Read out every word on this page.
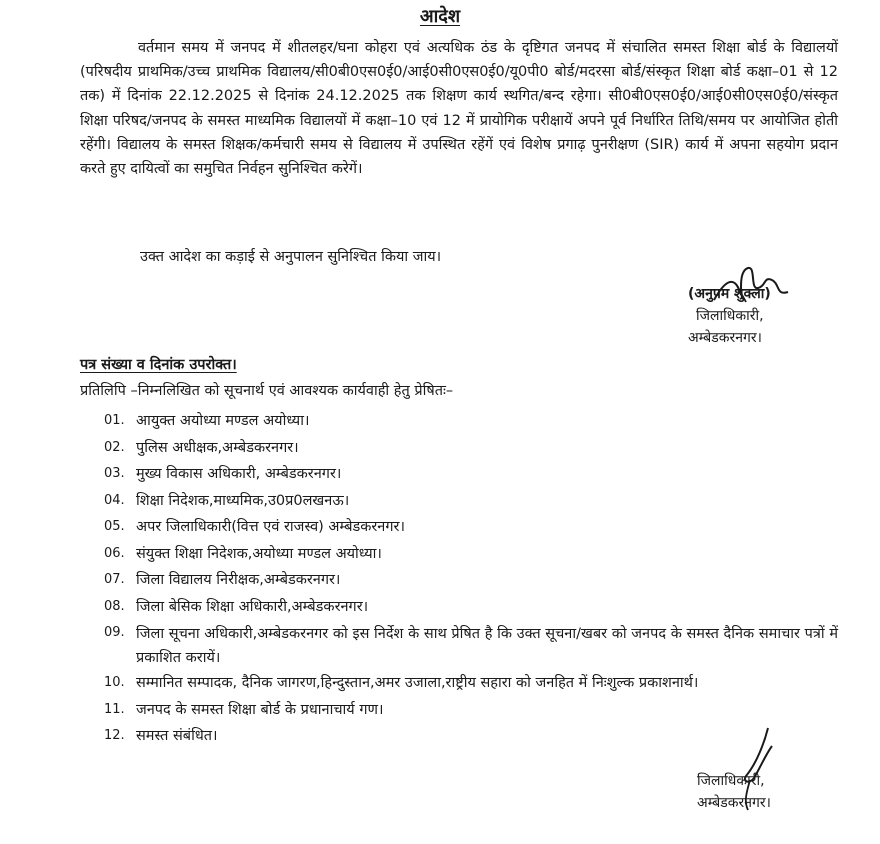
आदेश

वर्तमान समय में जनपद में शीतलहर/घना कोहरा एवं अत्यधिक ठंड के दृष्टिगत जनपद में संचालित समस्त शिक्षा बोर्ड के विद्यालयों (परिषदीय प्राथमिक/उच्च प्राथमिक विद्यालय/सी0बी0एस0ई0/आई0सी0एस0ई0/यू0पी0 बोर्ड/मदरसा बोर्ड/संस्कृत शिक्षा बोर्ड कक्षा–01 से 12 तक) में दिनांक 22.12.2025 से दिनांक 24.12.2025 तक शिक्षण कार्य स्थगित/बन्द रहेगा। सी0बी0एस0ई0/आई0सी0एस0ई0/संस्कृत शिक्षा परिषद/जनपद के समस्त माध्यमिक विद्यालयों में कक्षा–10 एवं 12 में प्रायोगिक परीक्षायें अपने पूर्व निर्धारित तिथि/समय पर आयोजित होती रहेंगी। विद्यालय के समस्त शिक्षक/कर्मचारी समय से विद्यालय में उपस्थित रहेंगें एवं विशेष प्रगाढ़ पुनरीक्षण (SIR) कार्य में अपना सहयोग प्रदान करते हुए दायित्वों का समुचित निर्वहन सुनिश्चित करेगें।

उक्त आदेश का कड़ाई से अनुपालन सुनिश्चित किया जाय।

(अनुपम शुक्ला)
जिलाधिकारी,
अम्बेडकरनगर।
पत्र संख्या व दिनांक उपरोक्त।
प्रतिलिपि –निम्नलिखित को सूचनार्थ एवं आवश्यक कार्यवाही हेतु प्रेषितः–
01. आयुक्त अयोध्या मण्डल अयोध्या।
02. पुलिस अधीक्षक,अम्बेडकरनगर।
03. मुख्य विकास अधिकारी, अम्बेडकरनगर।
04. शिक्षा निदेशक,माध्यमिक,उ0प्र0लखनऊ।
05. अपर जिलाधिकारी(वित्त एवं राजस्व) अम्बेडकरनगर।
06. संयुक्त शिक्षा निदेशक,अयोध्या मण्डल अयोध्या।
07. जिला विद्यालय निरीक्षक,अम्बेडकरनगर।
08. जिला बेसिक शिक्षा अधिकारी,अम्बेडकरनगर।
09. जिला सूचना अधिकारी,अम्बेडकरनगर को इस निर्देश के साथ प्रेषित है कि उक्त सूचना/खबर को जनपद के समस्त दैनिक समाचार पत्रों में प्रकाशित करायें।
10. सम्मानित सम्पादक, दैनिक जागरण,हिन्दुस्तान,अमर उजाला,राष्ट्रीय सहारा को जनहित में निःशुल्क प्रकाशनार्थ।
11. जनपद के समस्त शिक्षा बोर्ड के प्रधानाचार्य गण।
12. समस्त संबंधित।
जिलाधिकारी,
अम्बेडकरनगर।
